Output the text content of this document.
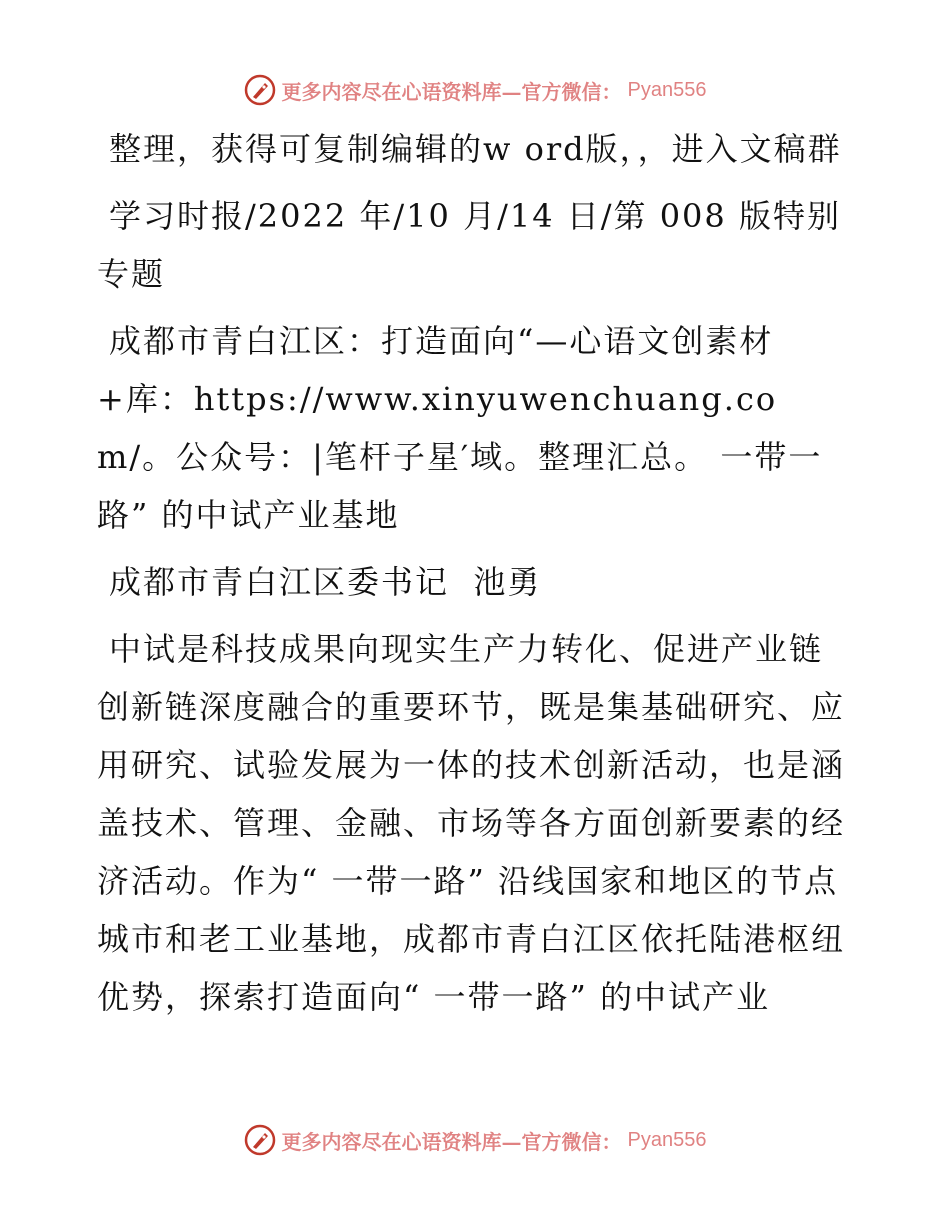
更多内容尽在心语资料库—官方微信： Pyan556

整理，获得可复制编辑的w ord版，，进入文稿群

学习时报/2022 年/10 月/14 日/第 008 版特别专题

成都市青白江区：打造面向“—心语文创素材+库：https://www.xinyuwenchuang.com/。公众号：|笔杆子星′域。整理汇总。 一带一路” 的中试产业基地

成都市青白江区委书记  池勇

中试是科技成果向现实生产力转化、促进产业链创新链深度融合的重要环节，既是集基础研究、应用研究、试验发展为一体的技术创新活动，也是涵盖技术、管理、金融、市场等各方面创新要素的经济活动。作为“ 一带一路” 沿线国家和地区的节点城市和老工业基地，成都市青白江区依托陆港枢纽优势，探索打造面向“ 一带一路” 的中试产业

更多内容尽在心语资料库—官方微信： Pyan556
